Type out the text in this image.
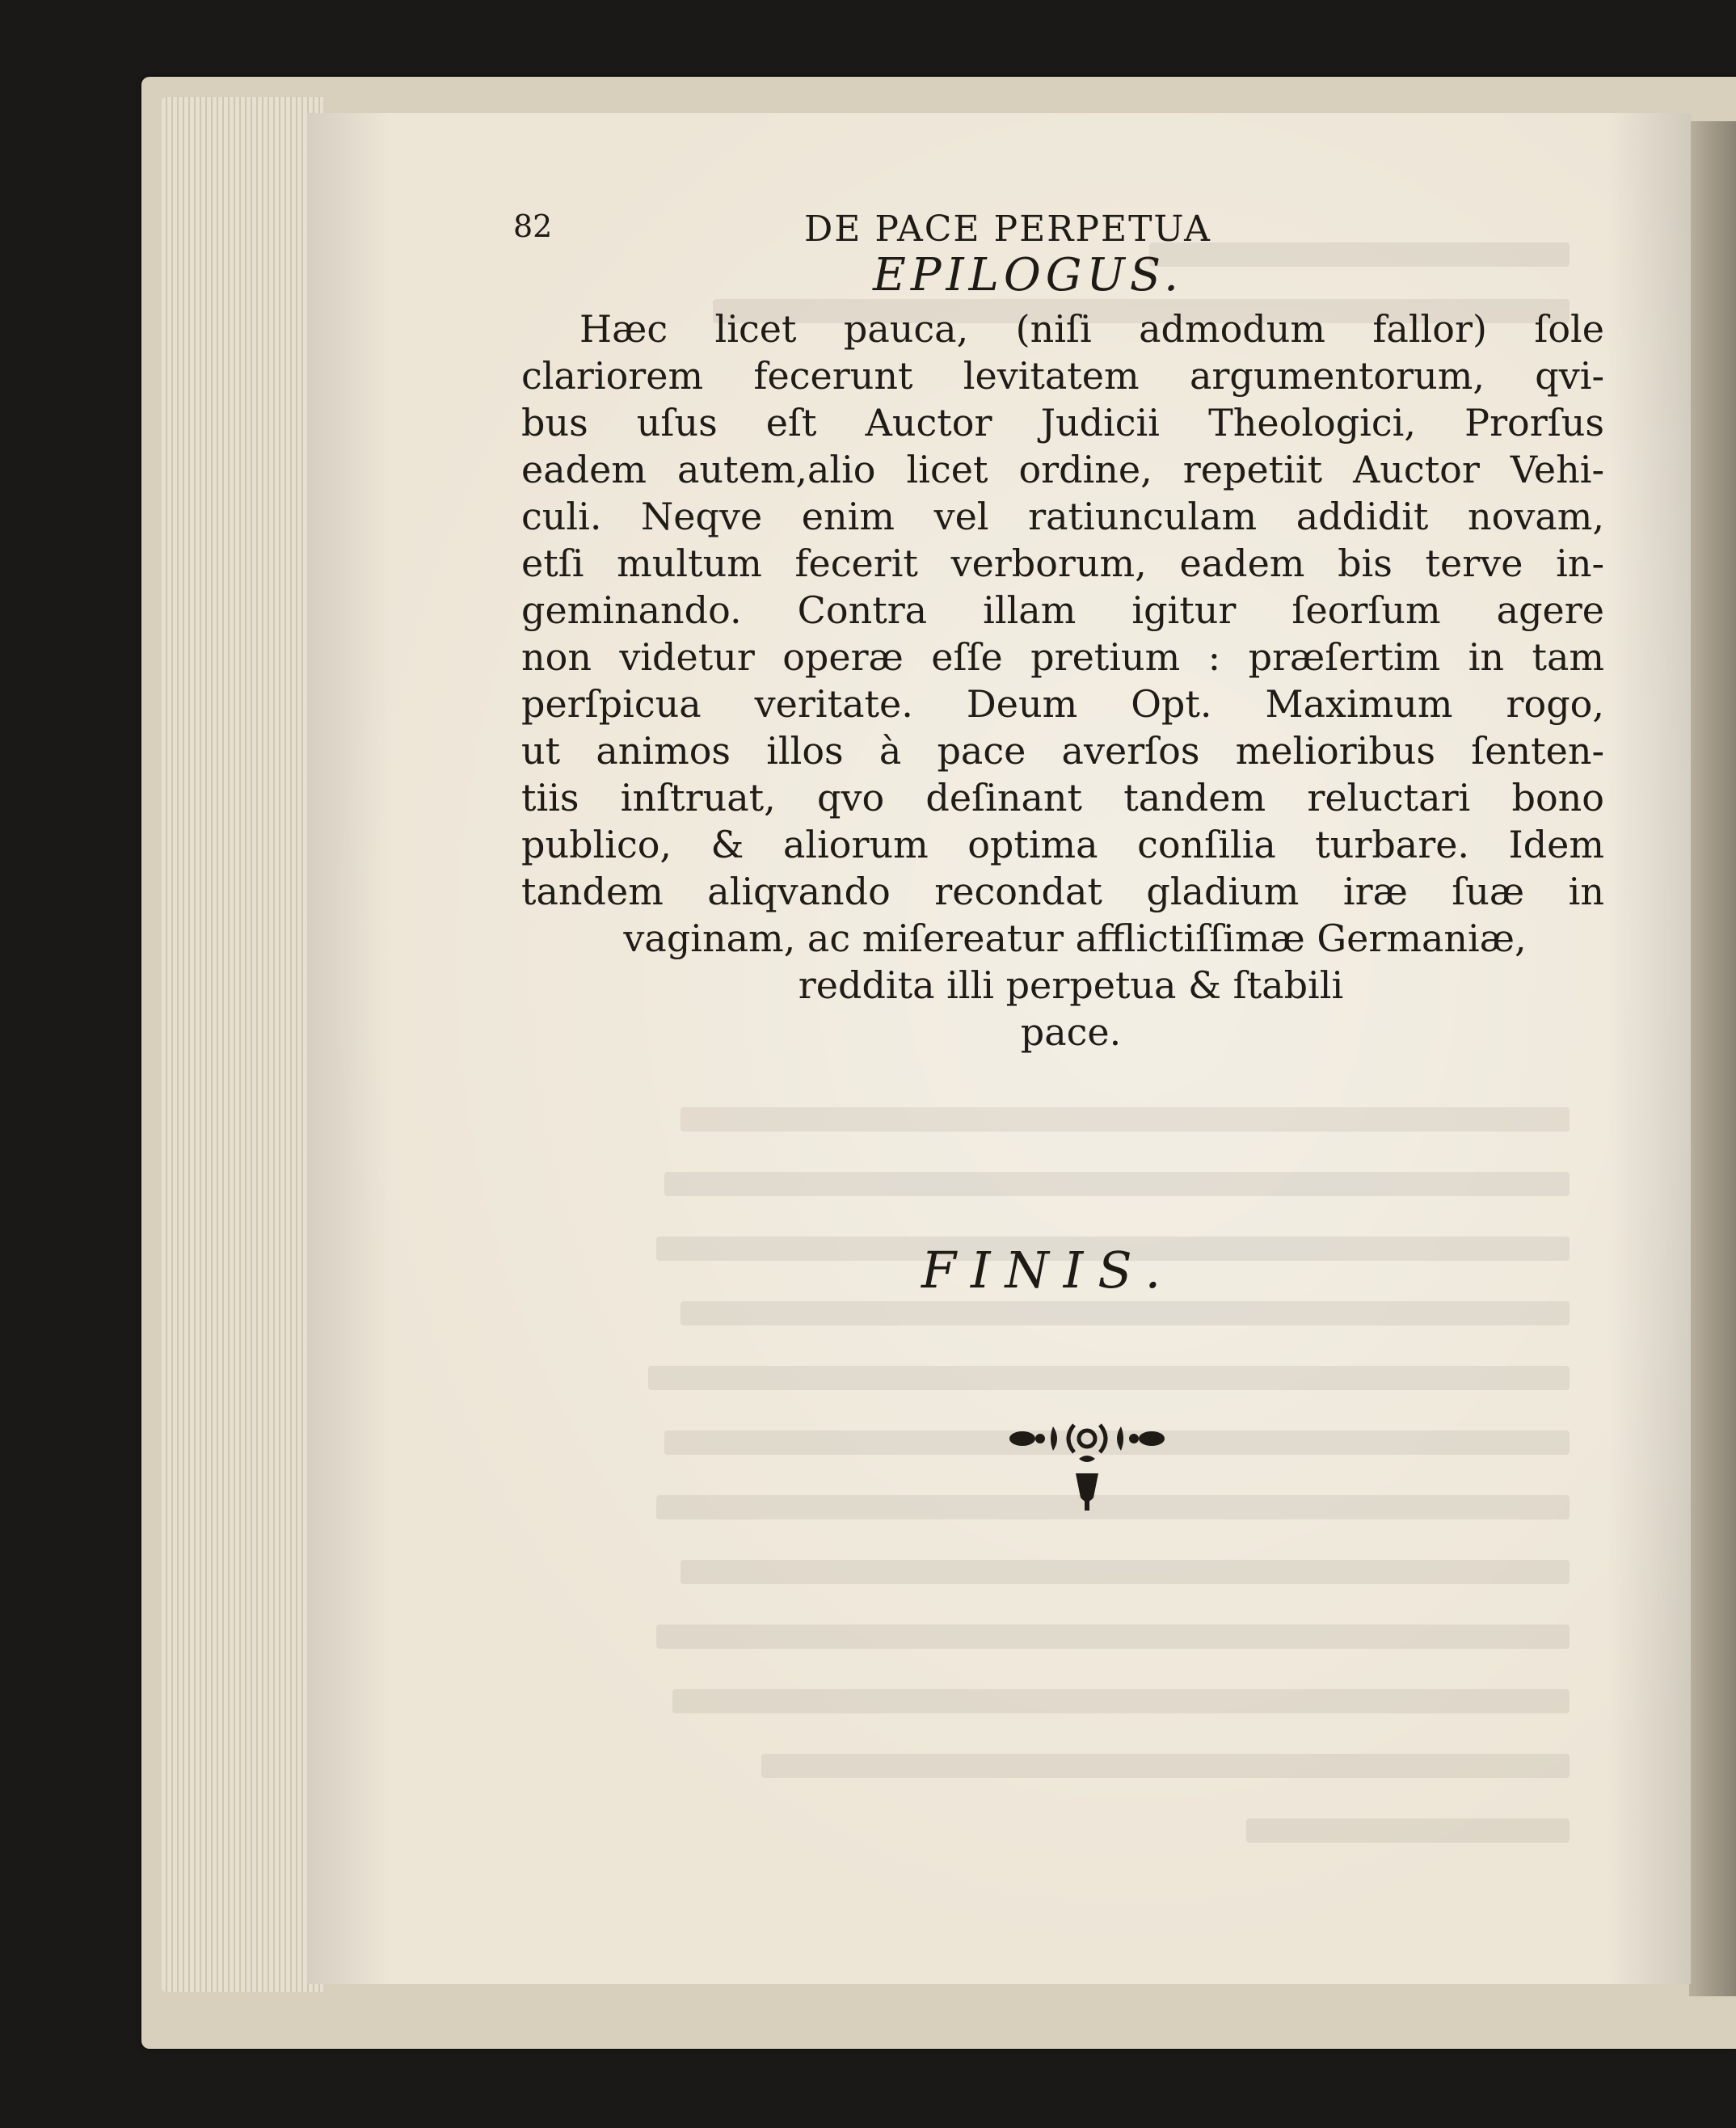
82	DE PACE PERPETUA
EPILOGUS.
Hæc licet pauca, (niſi admodum fallor) ſole
clariorem fecerunt levitatem argumentorum, qvi-
bus uſus eſt Auctor Judicii Theologici, Prorſus
eadem autem,alio licet ordine, repetiit Auctor Vehi-
culi. Neqve enim vel ratiunculam addidit novam,
etſi multum fecerit verborum, eadem bis terve in-
geminando. Contra illam igitur ſeorſum agere
non videtur operæ eſſe pretium : præſertim in tam
perſpicua veritate. Deum Opt. Maximum rogo,
ut animos illos à pace averſos melioribus ſenten-
tiis inſtruat, qvo deſinant tandem reluctari bono
publico, & aliorum optima conſilia turbare. Idem
tandem aliqvando recondat gladium iræ ſuæ in
vaginam, ac miſereatur afflictiſſimæ Germaniæ,
reddita illi perpetua & ſtabili
pace.
FINIS.
